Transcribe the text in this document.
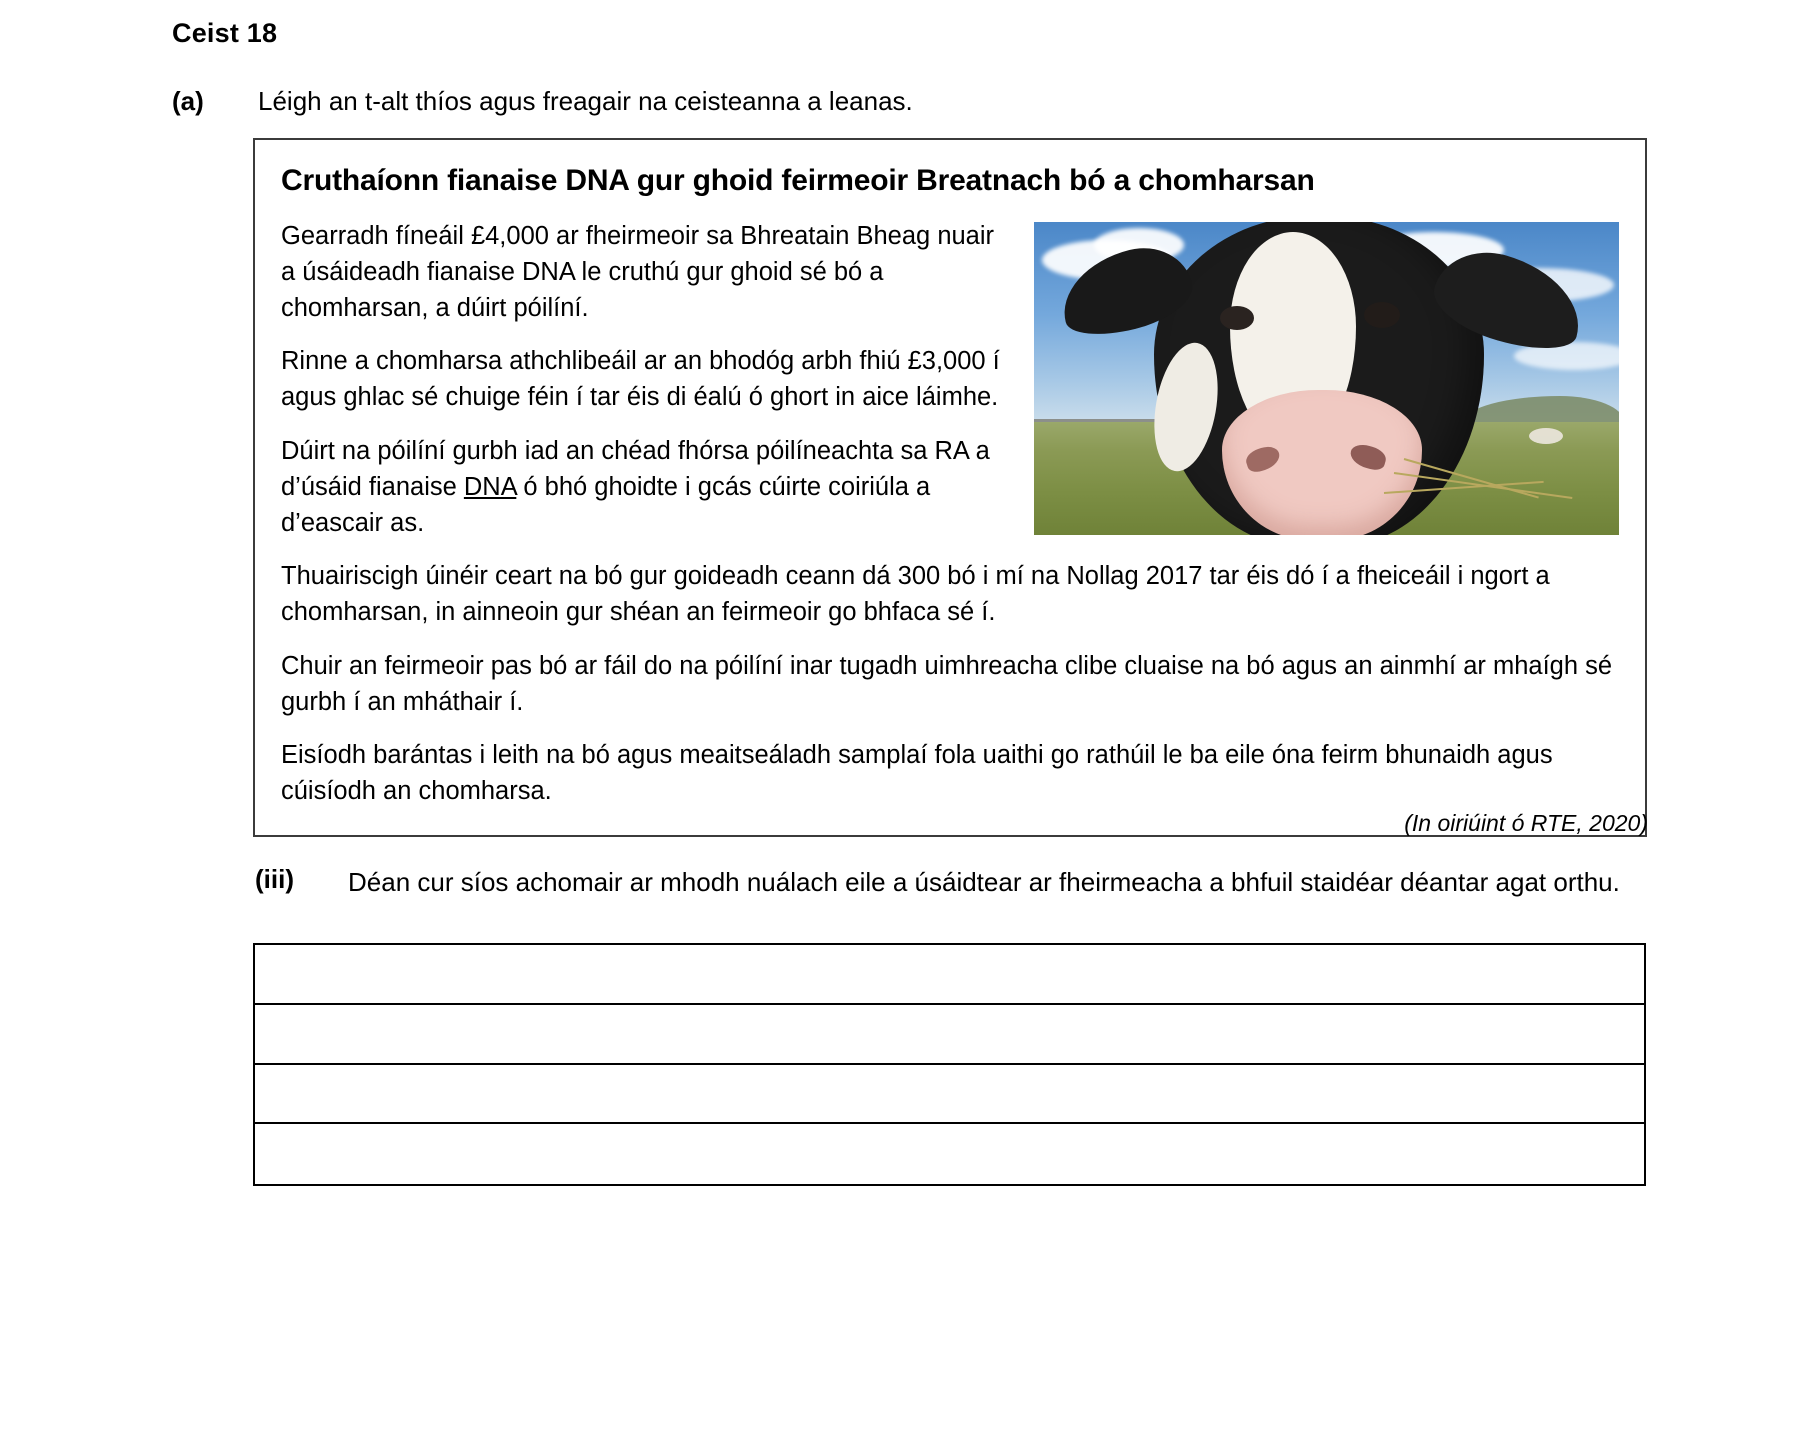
Ceist 18
(a) Léigh an t-alt thíos agus freagair na ceisteanna a leanas.
Cruthaíonn fianaise DNA gur ghoid feirmeoir Breatnach bó a chomharsan

Gearradh fíneáil £4,000 ar fheirmeoir sa Bhreatain Bheag nuair a úsáideadh fianaise DNA le cruthú gur ghoid sé bó a chomharsan, a dúirt póilíní.

Rinne a chomharsa athchlibeáil ar an bhodóg arbh fhiú £3,000 í agus ghlac sé chuige féin í tar éis di éalú ó ghort in aice láimhe.

Dúirt na póilíní gurbh iad an chéad fhórsa póilíneachta sa RA a d’úsáid fianaise DNA ó bhó ghoidte i gcás cúirte coiriúla a d’eascair as.

Thuairiscigh úinéir ceart na bó gur goideadh ceann dá 300 bó i mí na Nollag 2017 tar éis dó í a fheiceáil i ngort a chomharsan, in ainneoin gur shéan an feirmeoir go bhfaca sé í.

Chuir an feirmeoir pas bó ar fáil do na póilíní inar tugadh uimhreacha clibe cluaise na bó agus an ainmhí ar mhaígh sé gurbh í an mháthair í.

Eisíodh barántas i leith na bó agus meaitseáladh samplaí fola uaithi go rathúil le ba eile óna feirm bhunaidh agus cúisíodh an chomharsa.

(In oiriúint ó RTE, 2020)
(iii) Déan cur síos achomair ar mhodh nuálach eile a úsáidtear ar fheirmeacha a bhfuil staidéar déantar agat orthu.
